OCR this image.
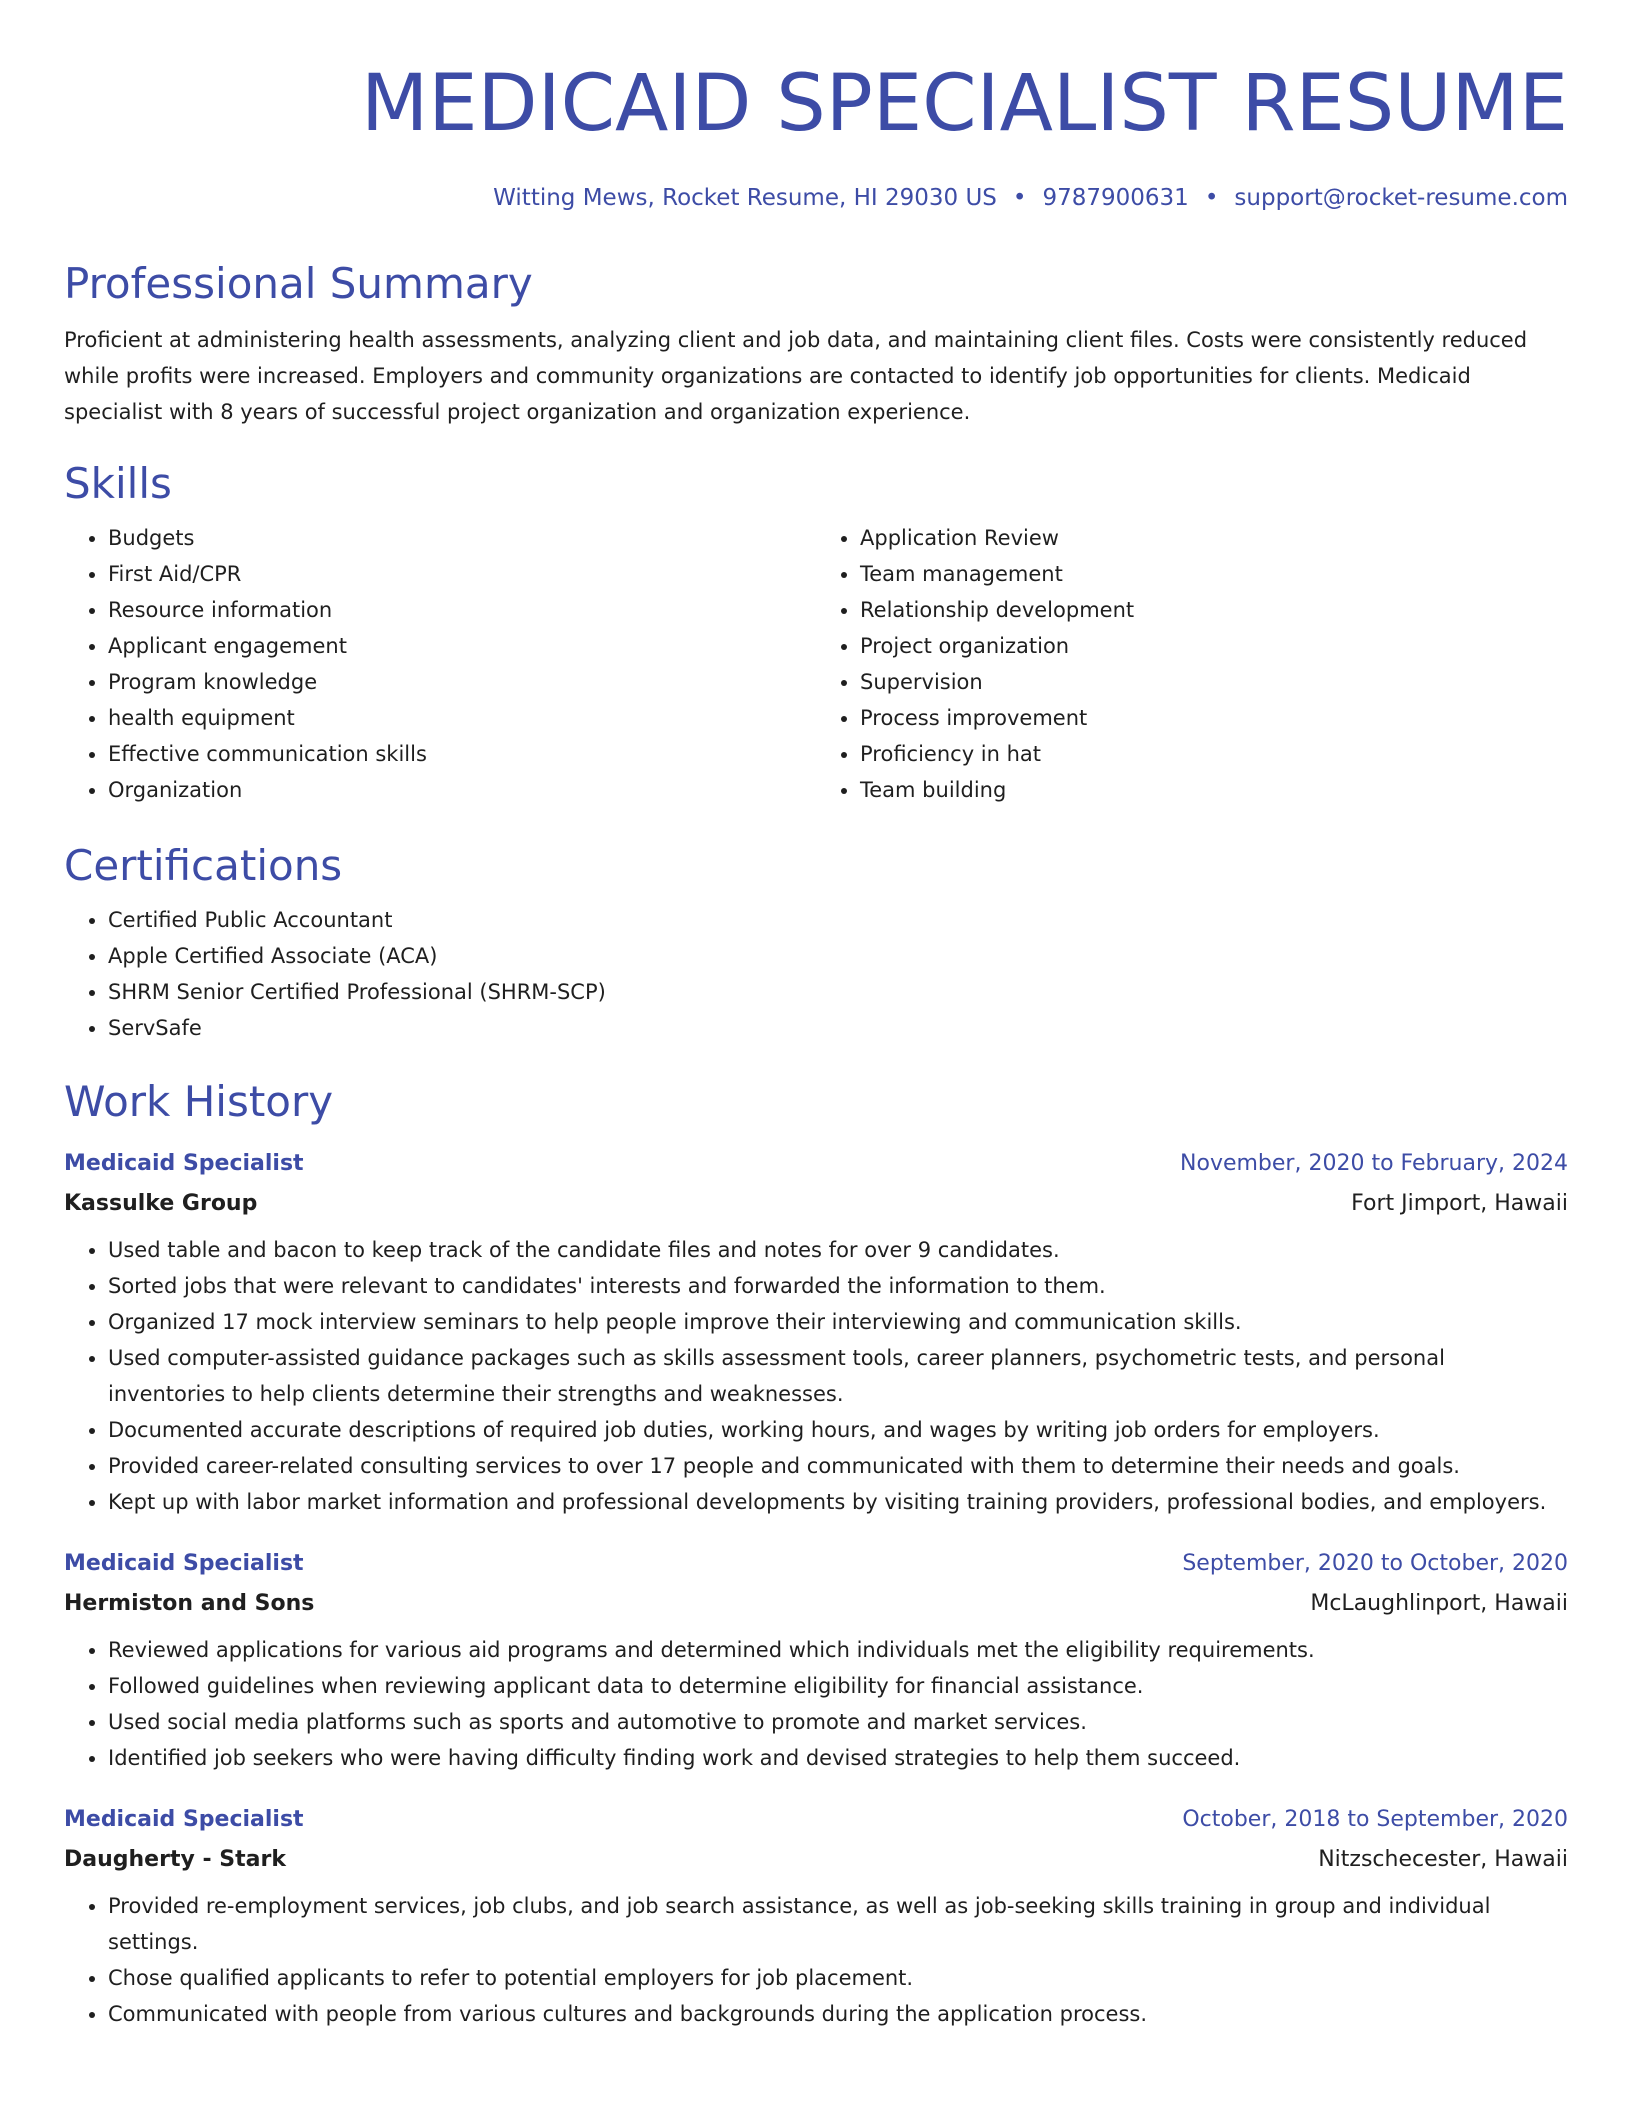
MEDICAID SPECIALIST RESUME
Witting Mews, Rocket Resume, HI 29030 US • 9787900631 • support@rocket-resume.com
Professional Summary

Proficient at administering health assessments, analyzing client and job data, and maintaining client files. Costs were consistently reduced while profits were increased. Employers and community organizations are contacted to identify job opportunities for clients. Medicaid specialist with 8 years of successful project organization and organization experience.

Skills
• Budgets
• First Aid/CPR
• Resource information
• Applicant engagement
• Program knowledge
• health equipment
• Effective communication skills
• Organization
• Application Review
• Team management
• Relationship development
• Project organization
• Supervision
• Process improvement
• Proficiency in hat
• Team building
Certifications
• Certified Public Accountant
• Apple Certified Associate (ACA)
• SHRM Senior Certified Professional (SHRM-SCP)
• ServSafe
Work History
Medicaid Specialist	November, 2020 to February, 2024
Kassulke Group	Fort Jimport, Hawaii
• Used table and bacon to keep track of the candidate files and notes for over 9 candidates.
• Sorted jobs that were relevant to candidates' interests and forwarded the information to them.
• Organized 17 mock interview seminars to help people improve their interviewing and communication skills.
• Used computer-assisted guidance packages such as skills assessment tools, career planners, psychometric tests, and personal inventories to help clients determine their strengths and weaknesses.
• Documented accurate descriptions of required job duties, working hours, and wages by writing job orders for employers.
• Provided career-related consulting services to over 17 people and communicated with them to determine their needs and goals.
• Kept up with labor market information and professional developments by visiting training providers, professional bodies, and employers.
Medicaid Specialist	September, 2020 to October, 2020
Hermiston and Sons	McLaughlinport, Hawaii
• Reviewed applications for various aid programs and determined which individuals met the eligibility requirements.
• Followed guidelines when reviewing applicant data to determine eligibility for financial assistance.
• Used social media platforms such as sports and automotive to promote and market services.
• Identified job seekers who were having difficulty finding work and devised strategies to help them succeed.
Medicaid Specialist	October, 2018 to September, 2020
Daugherty - Stark	Nitzschecester, Hawaii
• Provided re-employment services, job clubs, and job search assistance, as well as job-seeking skills training in group and individual settings.
• Chose qualified applicants to refer to potential employers for job placement.
• Communicated with people from various cultures and backgrounds during the application process.
